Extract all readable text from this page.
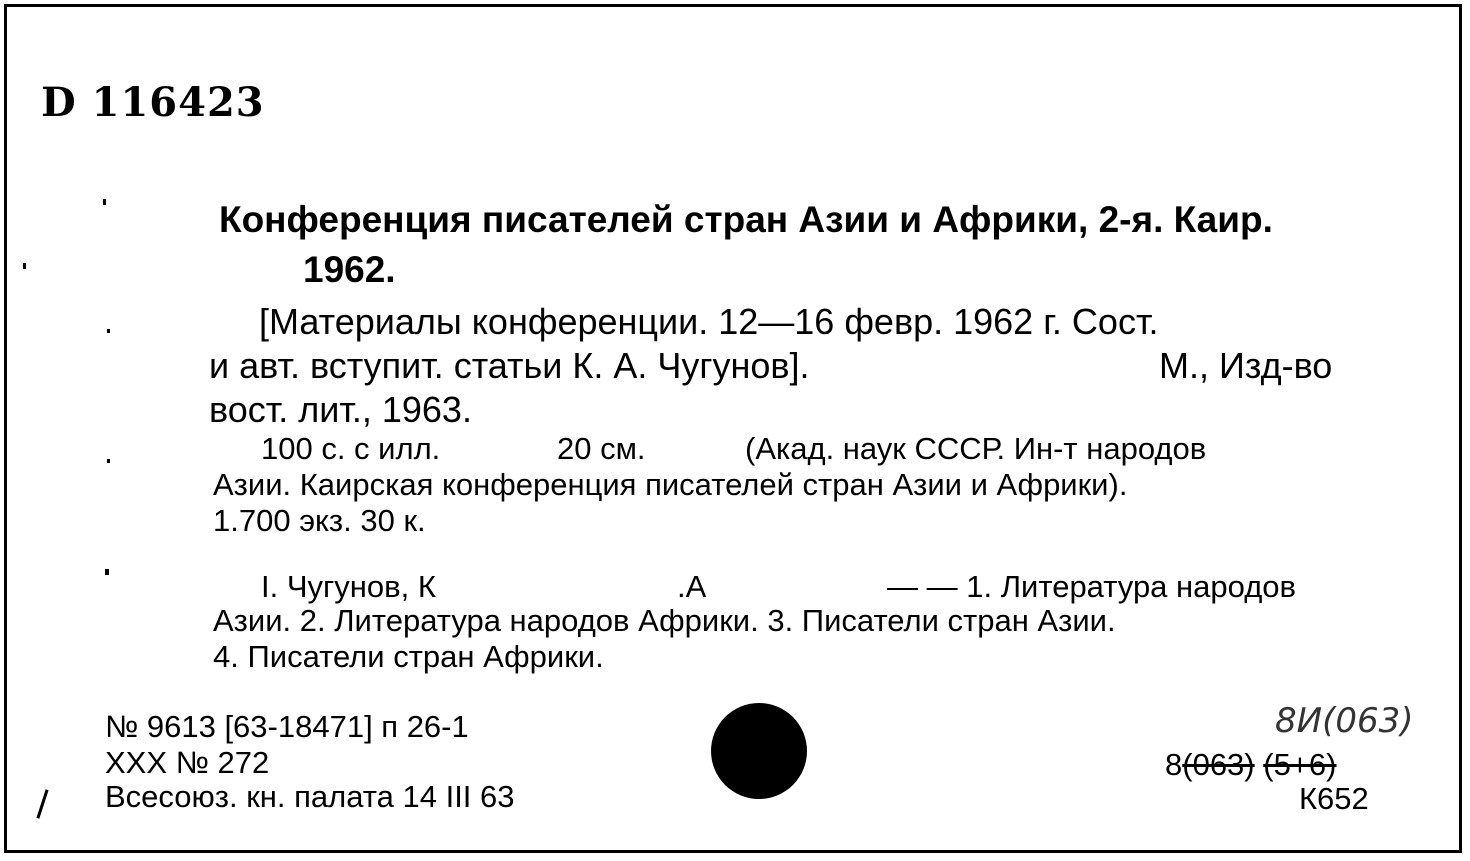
D 116423
Конференция писателей стран Азии и Африки, 2-я. Каир.
1962.
[Материалы конференции. 12—16 февр. 1962 г. Сост.
и авт. вступит. статьи К. А. Чугунов].	М., Изд-во
вост. лит., 1963.
100 с. с илл.	20 см.	(Акад. наук СССР. Ин-т народов
Азии. Каирская конференция писателей стран Азии и Африки).
1.700 экз. 30 к.
I. Чугунов, К	.А	— — 1. Литература народов
Азии. 2. Литература народов Африки. 3. Писатели стран Азии.
4. Писатели стран Африки.
№ 9613 [63-18471] п 26-1
XXX № 272
Всесоюз. кн. палата 14 III 63
8И(063)
8(063) (5+6)
К652
